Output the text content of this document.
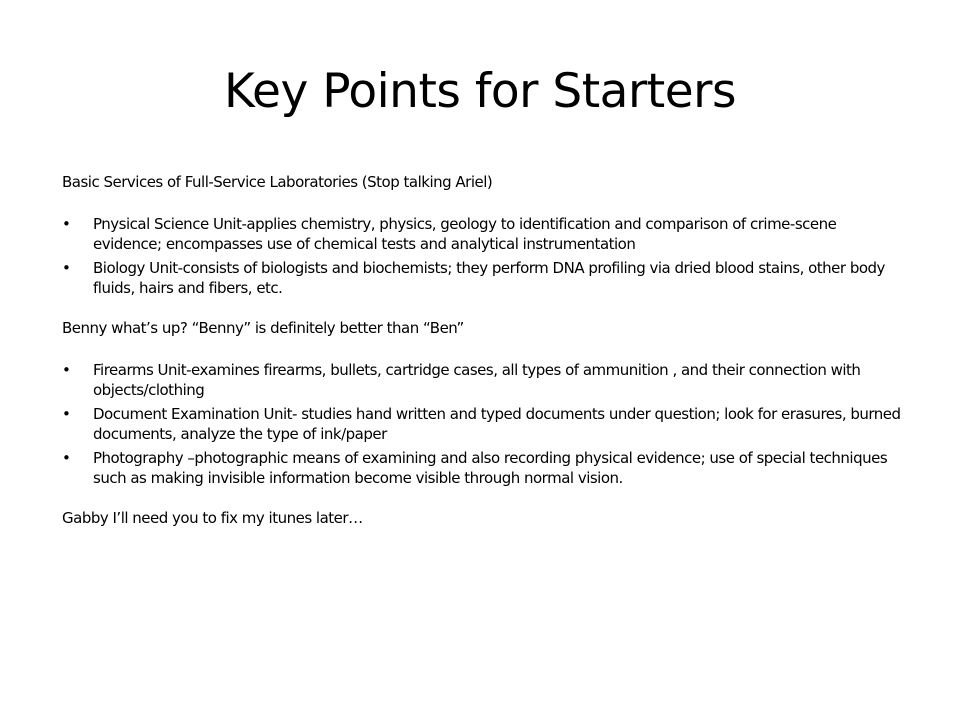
Key Points for Starters

Basic Services of Full-Service Laboratories (Stop talking Ariel)

• Pnysical Science Unit-applies chemistry, physics, geology to identification and comparison of crime-scene evidence; encompasses use of chemical tests and analytical instrumentation
• Biology Unit-consists of biologists and biochemists; they perform DNA profiling via dried blood stains, other body fluids, hairs and fibers, etc.

Benny what’s up? “Benny” is definitely better than “Ben”

• Firearms Unit-examines firearms, bullets, cartridge cases, all types of ammunition , and their connection with objects/clothing
• Document Examination Unit- studies hand written and typed documents under question; look for erasures, burned documents, analyze the type of ink/paper
• Photography –photographic means of examining and also recording physical evidence; use of special techniques such as making invisible information become visible through normal vision.

Gabby I’ll need you to fix my itunes later…
